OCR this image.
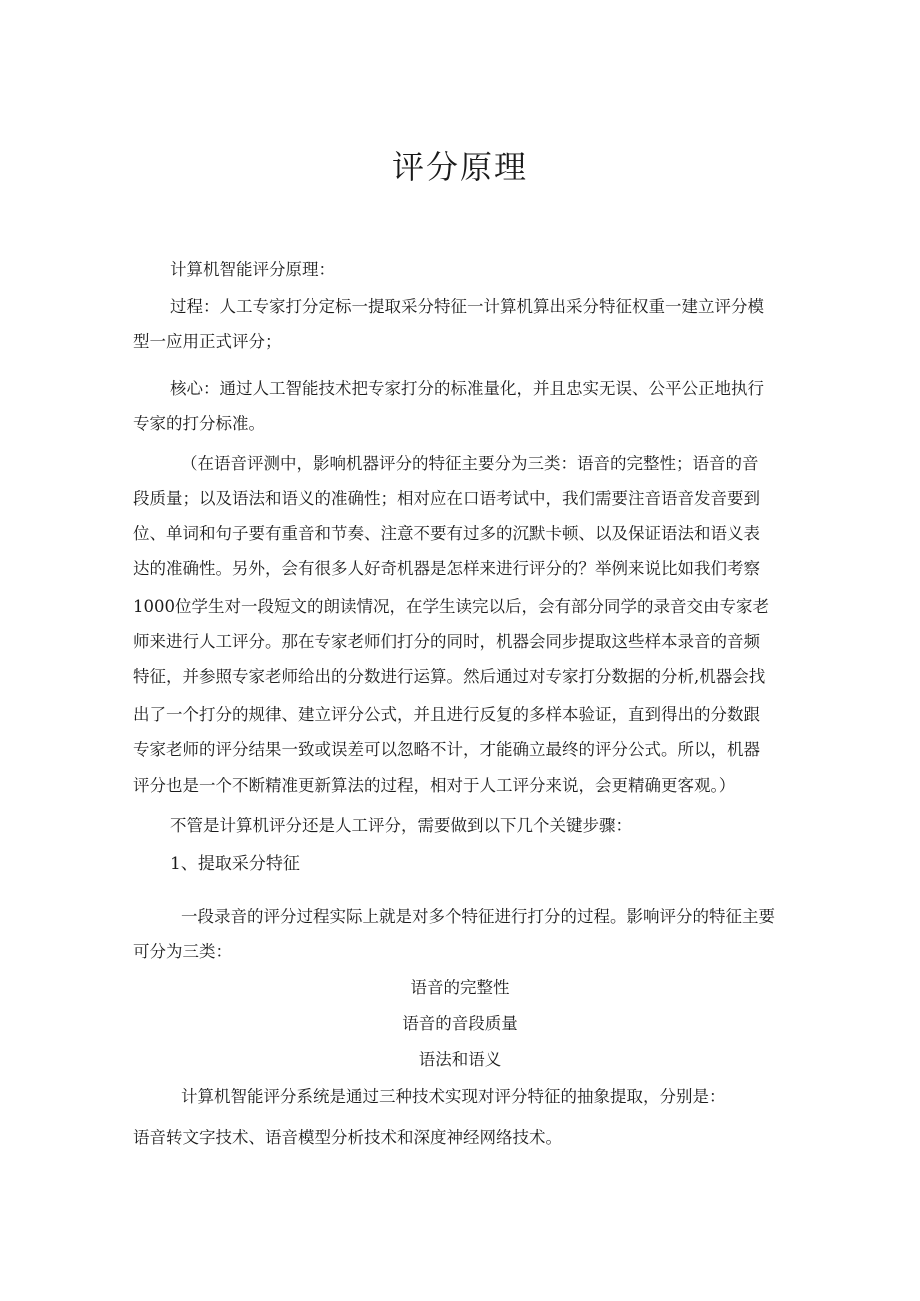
评分原理

计算机智能评分原理：

过程：人工专家打分定标一提取采分特征一计算机算出采分特征权重一建立评分模

型一应用正式评分；

核心：通过人工智能技术把专家打分的标准量化，并且忠实无误、公平公正地执行

专家的打分标准。

（在语音评测中，影响机器评分的特征主要分为三类：语音的完整性；语音的音

段质量；以及语法和语义的准确性；相对应在口语考试中，我们需要注音语音发音要到

位、单词和句子要有重音和节奏、注意不要有过多的沉默卡顿、以及保证语法和语义表

达的准确性。另外，会有很多人好奇机器是怎样来进行评分的？举例来说比如我们考察

1000位学生对一段短文的朗读情况，在学生读完以后，会有部分同学的录音交由专家老

师来进行人工评分。那在专家老师们打分的同时，机器会同步提取这些样本录音的音频

特征，并参照专家老师给出的分数进行运算。然后通过对专家打分数据的分析,机器会找

出了一个打分的规律、建立评分公式，并且进行反复的多样本验证，直到得出的分数跟

专家老师的评分结果一致或误差可以忽略不计，才能确立最终的评分公式。所以，机器

评分也是一个不断精准更新算法的过程，相对于人工评分来说，会更精确更客观。）

不管是计算机评分还是人工评分，需要做到以下几个关键步骤：

1、提取采分特征

一段录音的评分过程实际上就是对多个特征进行打分的过程。影响评分的特征主要

可分为三类：

语音的完整性

语音的音段质量

语法和语义

计算机智能评分系统是通过三种技术实现对评分特征的抽象提取，分别是：

语音转文字技术、语音模型分析技术和深度神经网络技术。
